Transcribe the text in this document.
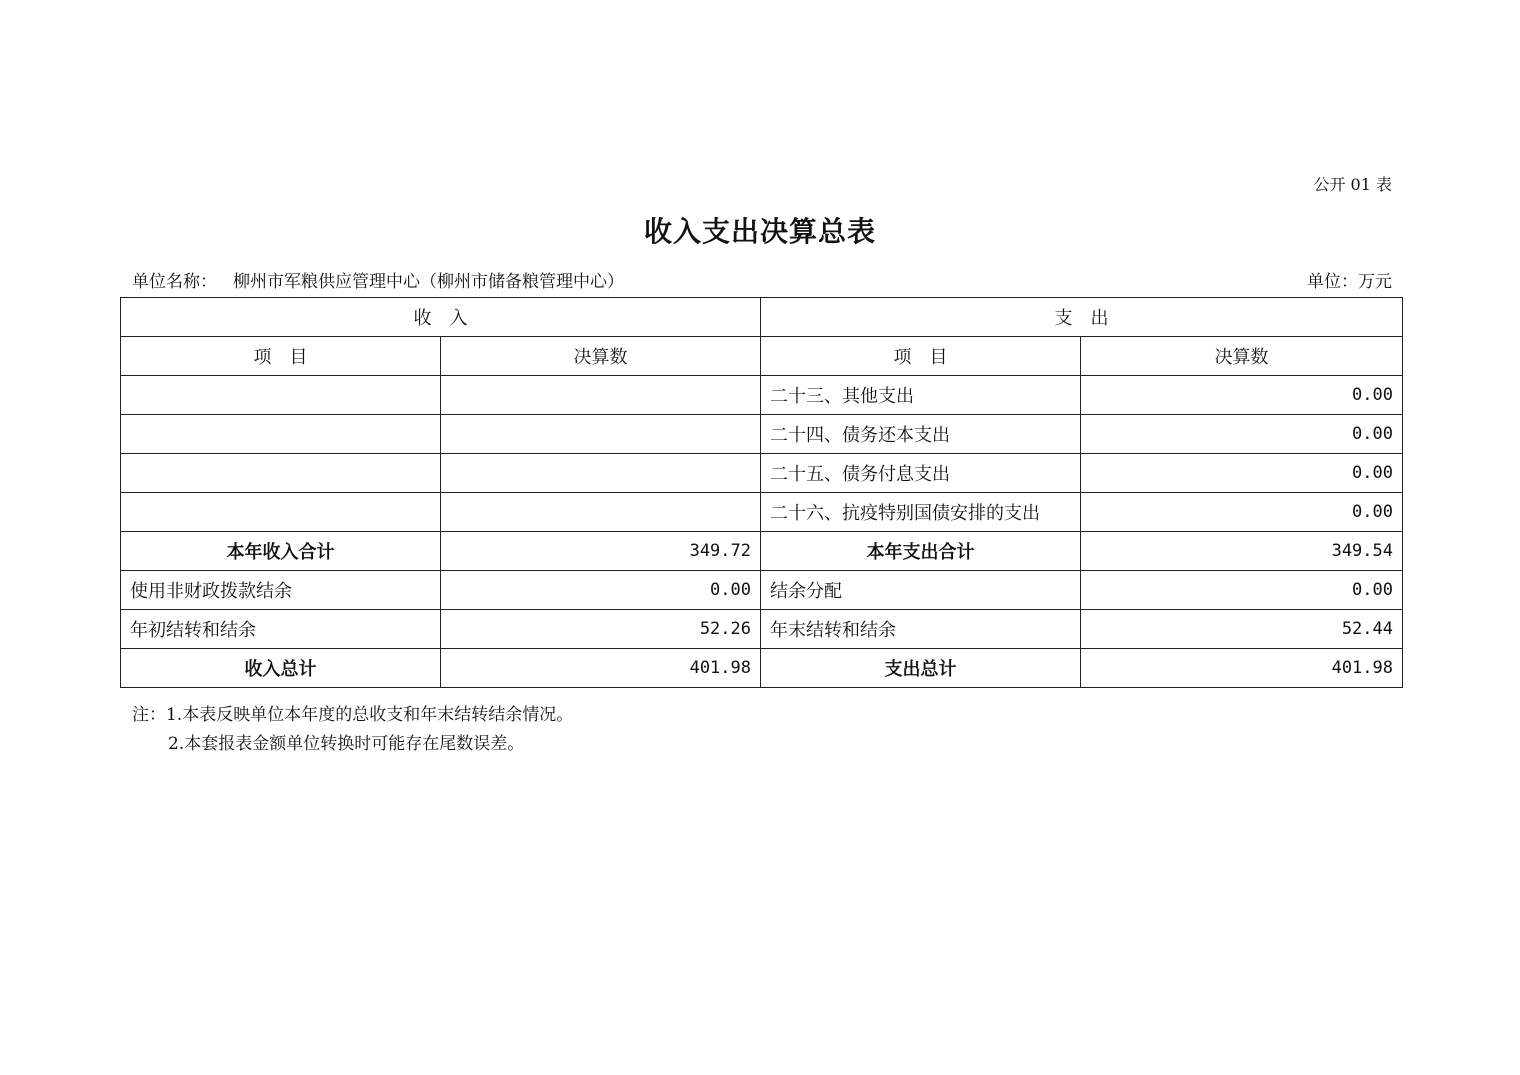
公开 01 表
收入支出决算总表
单位名称： 柳州市军粮供应管理中心（柳州市储备粮管理中心）	单位：万元
收　入		支　出	
项　目	决算数	项　目	决算数
		二十三、其他支出	0.00
		二十四、债务还本支出	0.00
		二十五、债务付息支出	0.00
		二十六、抗疫特别国债安排的支出	0.00
本年收入合计	349.72	本年支出合计	349.54
使用非财政拨款结余	0.00	结余分配	0.00
年初结转和结余	52.26	年末结转和结余	52.44
收入总计	401.98	支出总计	401.98
注：1.本表反映单位本年度的总收支和年末结转结余情况。
2.本套报表金额单位转换时可能存在尾数误差。
